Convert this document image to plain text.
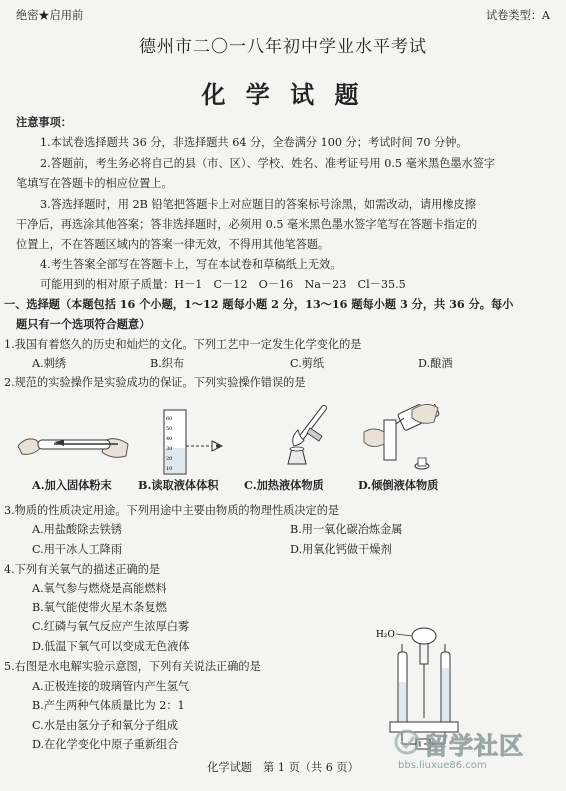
绝密★启用前	试卷类型：A
德州市二〇一八年初中学业水平考试
化 学 试 题
注意事项：
1.本试卷选择题共 36 分，非选择题共 64 分，全卷满分 100 分；考试时间 70 分钟。
2.答题前，考生务必将自己的县（市、区）、学校、姓名、准考证号用 0.5 毫米黑色墨水签字
笔填写在答题卡的相应位置上。
3.答选择题时，用 2B 铅笔把答题卡上对应题目的答案标号涂黑，如需改动，请用橡皮擦
干净后，再选涂其他答案；答非选择题时，必须用 0.5 毫米黑色墨水签字笔写在答题卡指定的
位置上，不在答题区域内的答案一律无效，不得用其他笔答题。
4.考生答案全部写在答题卡上，写在本试卷和草稿纸上无效。
可能用到的相对原子质量：H－1　C－12　O－16　Na－23　Cl－35.5
一、选择题（本题包括 16 个小题，1～12 题每小题 2 分，13～16 题每小题 3 分，共 36 分。每小
题只有一个选项符合题意）
1.我国有着悠久的历史和灿烂的文化。下列工艺中一定发生化学变化的是
A.刺绣	B.织布	C.剪纸	D.酿酒
2.规范的实验操作是实验成功的保证。下列实验操作错误的是
A.加入固体粉末
60
50
40
30
20
10
B.读取液体体积 C.加热液体物质	D.倾倒液体物质
3.物质的性质决定用途。下列用途中主要由物质的物理性质决定的是
A.用盐酸除去铁锈	B.用一氧化碳冶炼金属
C.用干冰人工降雨	D.用氧化钙做干燥剂
4.下列有关氧气的描述正确的是
A.氧气参与燃烧是高能燃料
B.氧气能使带火星木条复燃
C.红磷与氧气反应产生浓厚白雾
D.低温下氧气可以变成无色液体
5.右图是水电解实验示意图，下列有关说法正确的是
A.正极连接的玻璃管内产生氢气
B.产生两种气体质量比为 2：1
C.水是由氢分子和氧分子组成
D.在化学变化中原子重新组合
H₂O
化学试题　第 1 页（共 6 页）
留学社区
bbs.liuxue86.com
